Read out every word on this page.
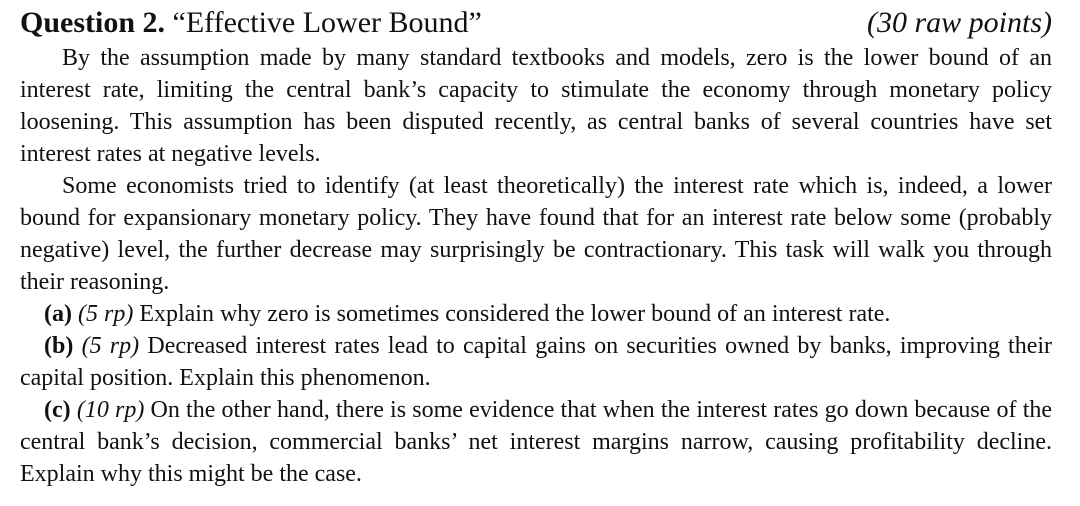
Question 2. “Effective Lower Bound”	(30 raw points)

By the assumption made by many standard textbooks and models, zero is the lower bound of an interest rate, limiting the central bank’s capacity to stimulate the economy through monetary policy loosening. This assumption has been disputed recently, as central banks of several countries have set interest rates at negative levels.

Some economists tried to identify (at least theoretically) the interest rate which is, indeed, a lower bound for expansionary monetary policy. They have found that for an interest rate below some (probably negative) level, the further decrease may surprisingly be contractionary. This task will walk you through their reasoning.

(a) (5 rp) Explain why zero is sometimes considered the lower bound of an interest rate.

(b) (5 rp) Decreased interest rates lead to capital gains on securities owned by banks, improving their capital position. Explain this phenomenon.

(c) (10 rp) On the other hand, there is some evidence that when the interest rates go down because of the central bank’s decision, commercial banks’ net interest margins narrow, causing profitability decline. Explain why this might be the case.
